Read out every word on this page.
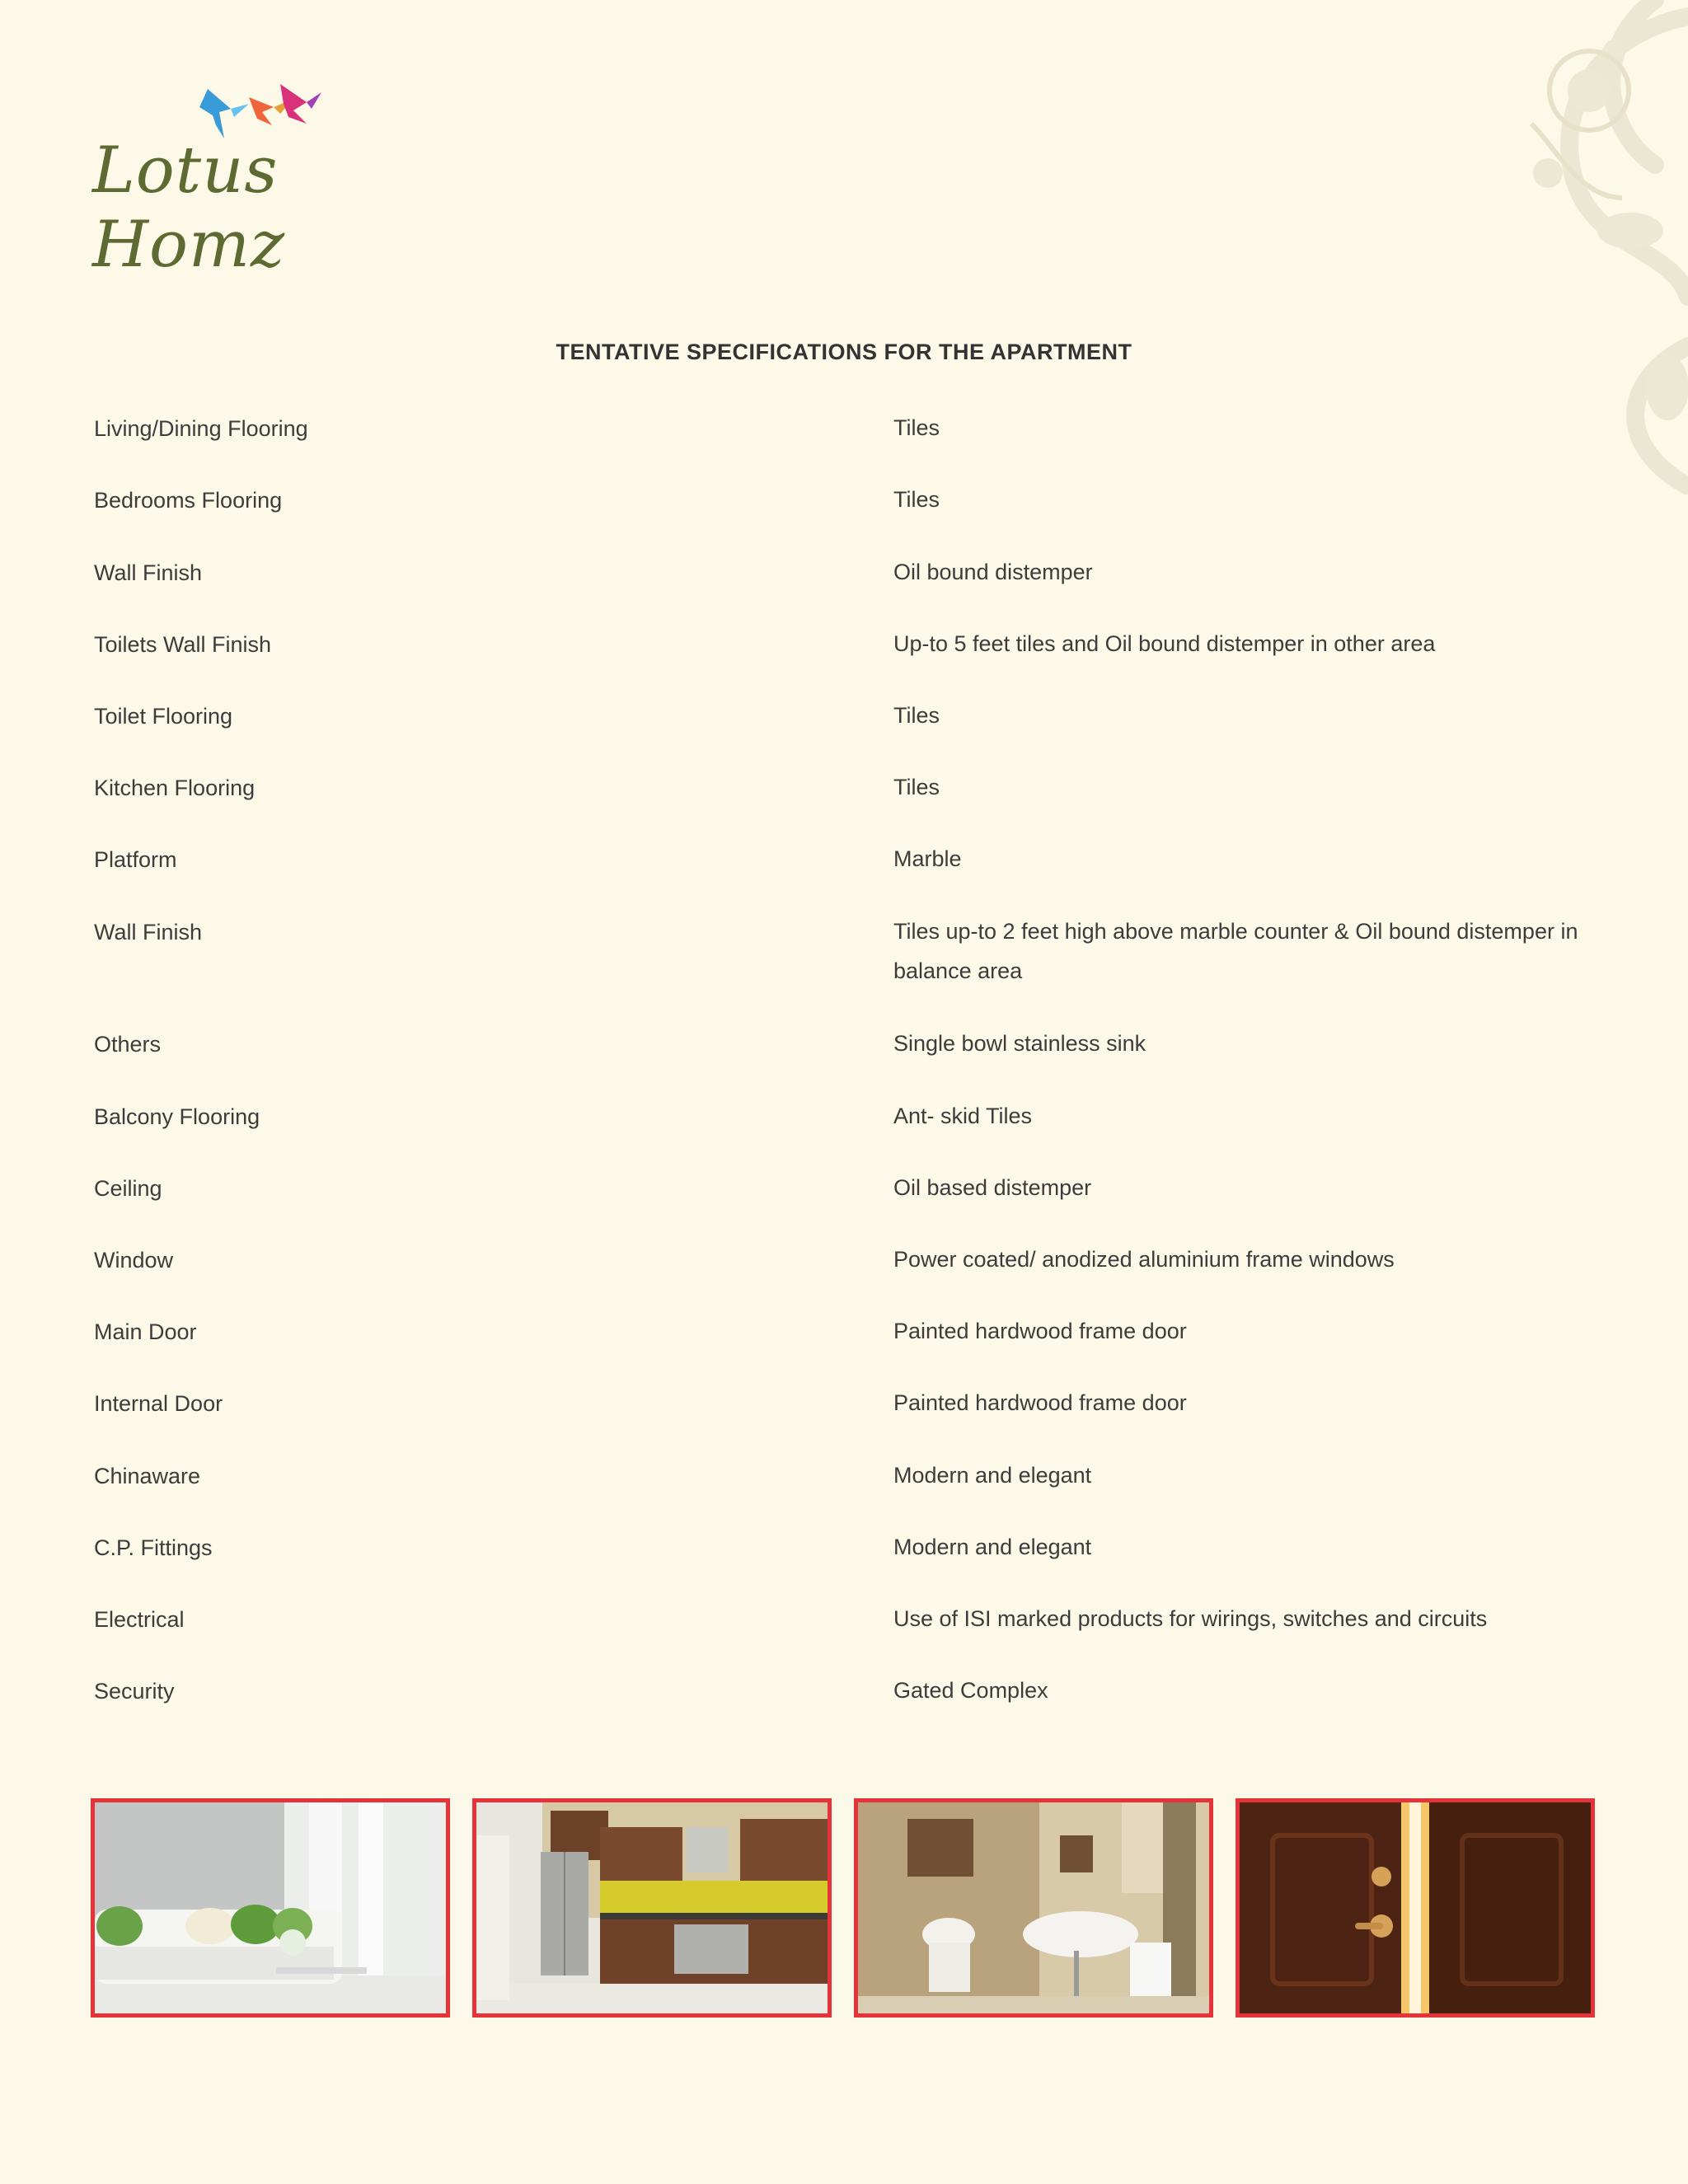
Lotus Homz
TENTATIVE SPECIFICATIONS FOR THE APARTMENT
Living/Dining Flooring	Tiles
Bedrooms Flooring	Tiles
Wall Finish	Oil bound distemper
Toilets Wall Finish	Up-to 5 feet tiles and Oil bound distemper in other area
Toilet Flooring	Tiles
Kitchen Flooring	Tiles
Platform	Marble
Wall Finish	Tiles up-to 2 feet high above marble counter & Oil bound distemper in balance area
Others	Single bowl stainless sink
Balcony Flooring	Ant- skid Tiles
Ceiling	Oil based distemper
Window	Power coated/ anodized aluminium frame windows
Main Door	Painted hardwood frame door
Internal Door	Painted hardwood frame door
Chinaware	Modern and elegant
C.P. Fittings	Modern and elegant
Electrical	Use of ISI marked products for wirings, switches and circuits
Security	Gated Complex
